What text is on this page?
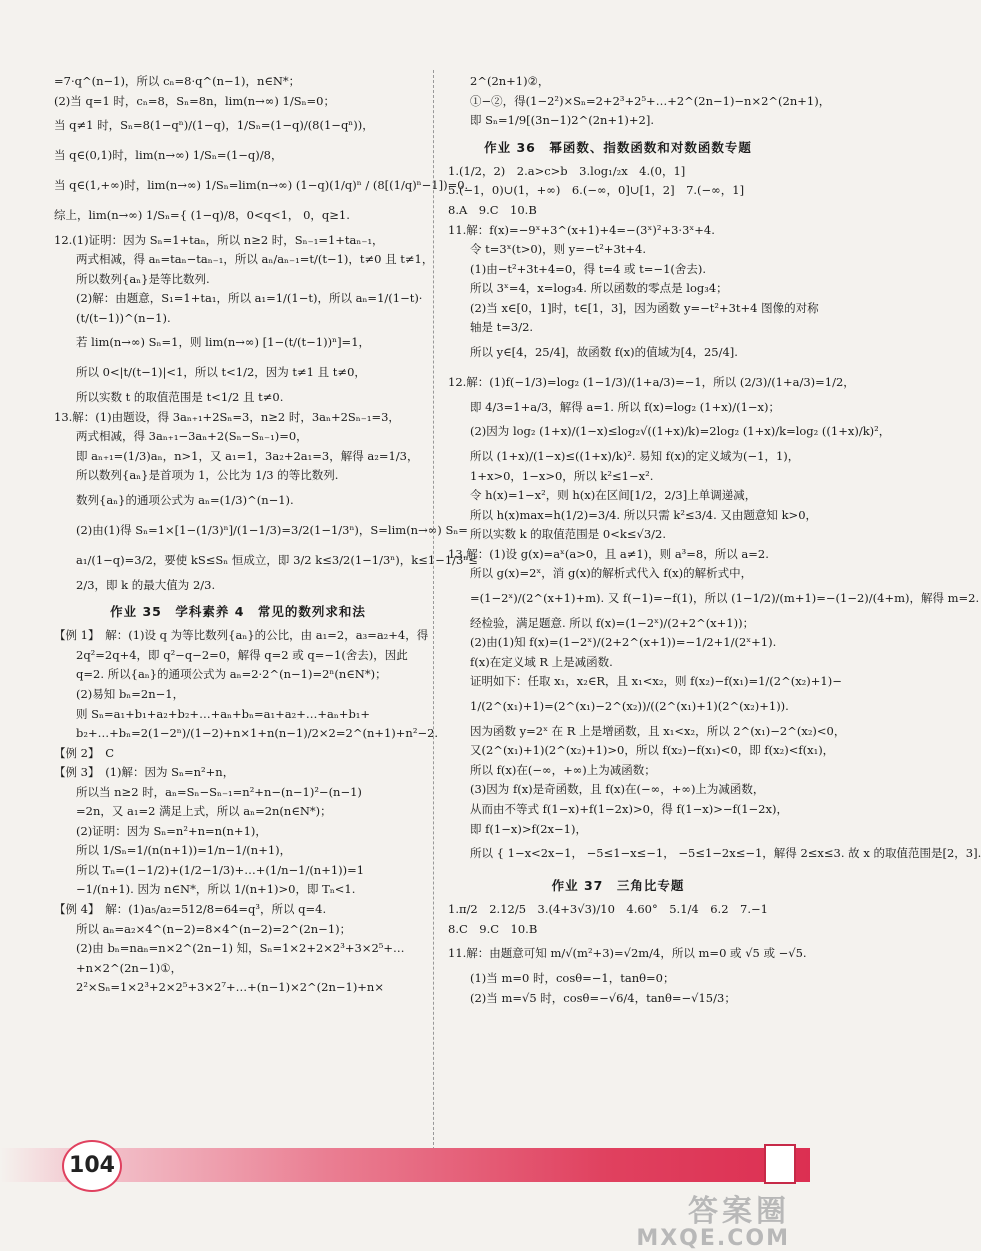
=7·q^(n−1)，所以 cₙ=8·q^(n−1)，n∈N*；

(2)当 q=1 时，cₙ=8，Sₙ=8n，lim(n→∞) 1/Sₙ=0；

当 q≠1 时，Sₙ=8(1−qⁿ)/(1−q)，1/Sₙ=(1−q)/(8(1−qⁿ))，

当 q∈(0,1)时，lim(n→∞) 1/Sₙ=(1−q)/8，

当 q∈(1,+∞)时，lim(n→∞) 1/Sₙ=lim(n→∞) (1−q)(1/q)ⁿ / (8[(1/q)ⁿ−1])=0.

综上，lim(n→∞) 1/Sₙ={ (1−q)/8，0<q<1， 0，q≥1.

12.(1)证明：因为 Sₙ=1+taₙ，所以 n≥2 时，Sₙ₋₁=1+taₙ₋₁，

两式相减，得 aₙ=taₙ−taₙ₋₁，所以 aₙ/aₙ₋₁=t/(t−1)，t≠0 且 t≠1，

所以数列{aₙ}是等比数列.

(2)解：由题意，S₁=1+ta₁，所以 a₁=1/(1−t)，所以 aₙ=1/(1−t)·

(t/(t−1))^(n−1).

若 lim(n→∞) Sₙ=1，则 lim(n→∞) [1−(t/(t−1))ⁿ]=1，

所以 0<|t/(t−1)|<1，所以 t<1/2，因为 t≠1 且 t≠0，

所以实数 t 的取值范围是 t<1/2 且 t≠0.

13.解：(1)由题设，得 3aₙ₊₁+2Sₙ=3，n≥2 时，3aₙ+2Sₙ₋₁=3，

两式相减，得 3aₙ₊₁−3aₙ+2(Sₙ−Sₙ₋₁)=0，

即 aₙ₊₁=(1/3)aₙ，n>1，又 a₁=1，3a₂+2a₁=3，解得 a₂=1/3，

所以数列{aₙ}是首项为 1，公比为 1/3 的等比数列.

数列{aₙ}的通项公式为 aₙ=(1/3)^(n−1).

(2)由(1)得 Sₙ=1×[1−(1/3)ⁿ]/(1−1/3)=3/2(1−1/3ⁿ)，S=lim(n→∞) Sₙ=

a₁/(1−q)=3/2，要使 kS≤Sₙ 恒成立，即 3/2 k≤3/2(1−1/3ⁿ)，k≤1−1/3ⁿ≤

2/3，即 k 的最大值为 2/3.

作业 35　学科素养 4　常见的数列求和法

【例 1】　解：(1)设 q 为等比数列{aₙ}的公比，由 a₁=2，a₃=a₂+4，得

2q²=2q+4，即 q²−q−2=0，解得 q=2 或 q=−1(舍去)，因此

q=2. 所以{aₙ}的通项公式为 aₙ=2·2^(n−1)=2ⁿ(n∈N*)；

(2)易知 bₙ=2n−1，

则 Sₙ=a₁+b₁+a₂+b₂+…+aₙ+bₙ=a₁+a₂+…+aₙ+b₁+

b₂+…+bₙ=2(1−2ⁿ)/(1−2)+n×1+n(n−1)/2×2=2^(n+1)+n²−2.

【例 2】　C

【例 3】　(1)解：因为 Sₙ=n²+n，

所以当 n≥2 时，aₙ=Sₙ−Sₙ₋₁=n²+n−(n−1)²−(n−1)

=2n，又 a₁=2 满足上式，所以 aₙ=2n(n∈N*)；

(2)证明：因为 Sₙ=n²+n=n(n+1)，

所以 1/Sₙ=1/(n(n+1))=1/n−1/(n+1)，

所以 Tₙ=(1−1/2)+(1/2−1/3)+…+(1/n−1/(n+1))=1

−1/(n+1). 因为 n∈N*，所以 1/(n+1)>0，即 Tₙ<1.

【例 4】　解：(1)a₅/a₂=512/8=64=q³，所以 q=4.

所以 aₙ=a₂×4^(n−2)=8×4^(n−2)=2^(2n−1)；

(2)由 bₙ=naₙ=n×2^(2n−1) 知，Sₙ=1×2+2×2³+3×2⁵+…

+n×2^(2n−1)①，

2²×Sₙ=1×2³+2×2⁵+3×2⁷+…+(n−1)×2^(2n−1)+n×

2^(2n+1)②，

①−②，得(1−2²)×Sₙ=2+2³+2⁵+…+2^(2n−1)−n×2^(2n+1)，

即 Sₙ=1/9[(3n−1)2^(2n+1)+2].

作业 36　幂函数、指数函数和对数函数专题

1.(1/2，2)　2.a>c>b　3.log₁/₂x　4.(0，1]

5.(−1，0)∪(1，+∞)　6.(−∞，0]∪[1，2]　7.(−∞，1]

8.A　9.C　10.B

11.解：f(x)=−9ˣ+3^(x+1)+4=−(3ˣ)²+3·3ˣ+4.

令 t=3ˣ(t>0)，则 y=−t²+3t+4.

(1)由−t²+3t+4=0，得 t=4 或 t=−1(舍去).

所以 3ˣ=4，x=log₃4. 所以函数的零点是 log₃4；

(2)当 x∈[0，1]时，t∈[1，3]，因为函数 y=−t²+3t+4 图像的对称

轴是 t=3/2.

所以 y∈[4，25/4]，故函数 f(x)的值域为[4，25/4].

12.解：(1)f(−1/3)=log₂ (1−1/3)/(1+a/3)=−1，所以 (2/3)/(1+a/3)=1/2，

即 4/3=1+a/3，解得 a=1. 所以 f(x)=log₂ (1+x)/(1−x)；

(2)因为 log₂ (1+x)/(1−x)≤log₂√((1+x)/k)=2log₂ (1+x)/k=log₂ ((1+x)/k)²，

所以 (1+x)/(1−x)≤((1+x)/k)². 易知 f(x)的定义域为(−1，1)，

1+x>0，1−x>0，所以 k²≤1−x².

令 h(x)=1−x²，则 h(x)在区间[1/2，2/3]上单调递减，

所以 h(x)max=h(1/2)=3/4. 所以只需 k²≤3/4. 又由题意知 k>0，

所以实数 k 的取值范围是 0<k≤√3/2.

13.解：(1)设 g(x)=aˣ(a>0，且 a≠1)，则 a³=8，所以 a=2.

所以 g(x)=2ˣ，消 g(x)的解析式代入 f(x)的解析式中，

=(1−2ˣ)/(2^(x+1)+m). 又 f(−1)=−f(1)，所以 (1−1/2)/(m+1)=−(1−2)/(4+m)，解得 m=2.

经检验，满足题意. 所以 f(x)=(1−2ˣ)/(2+2^(x+1))；

(2)由(1)知 f(x)=(1−2ˣ)/(2+2^(x+1))=−1/2+1/(2ˣ+1).

f(x)在定义域 R 上是减函数.

证明如下：任取 x₁，x₂∈R，且 x₁<x₂，则 f(x₂)−f(x₁)=1/(2^(x₂)+1)−

1/(2^(x₁)+1)=(2^(x₁)−2^(x₂))/((2^(x₁)+1)(2^(x₂)+1)).

因为函数 y=2ˣ 在 R 上是增函数，且 x₁<x₂，所以 2^(x₁)−2^(x₂)<0，

又(2^(x₁)+1)(2^(x₂)+1)>0，所以 f(x₂)−f(x₁)<0，即 f(x₂)<f(x₁)，

所以 f(x)在(−∞，+∞)上为减函数；

(3)因为 f(x)是奇函数，且 f(x)在(−∞，+∞)上为减函数，

从而由不等式 f(1−x)+f(1−2x)>0，得 f(1−x)>−f(1−2x)，

即 f(1−x)>f(2x−1)，

所以 { 1−x<2x−1， −5≤1−x≤−1， −5≤1−2x≤−1，解得 2≤x≤3. 故 x 的取值范围是[2，3].

作业 37　三角比专题

1.π/2　2.12/5　3.(4+3√3)/10　4.60°　5.1/4　6.2　7.−1

8.C　9.C　10.B

11.解：由题意可知 m/√(m²+3)=√2m/4，所以 m=0 或 √5 或 −√5.

(1)当 m=0 时，cosθ=−1，tanθ=0；

(2)当 m=√5 时，cosθ=−√6/4，tanθ=−√15/3；

104
答案圈
MXQE.COM
